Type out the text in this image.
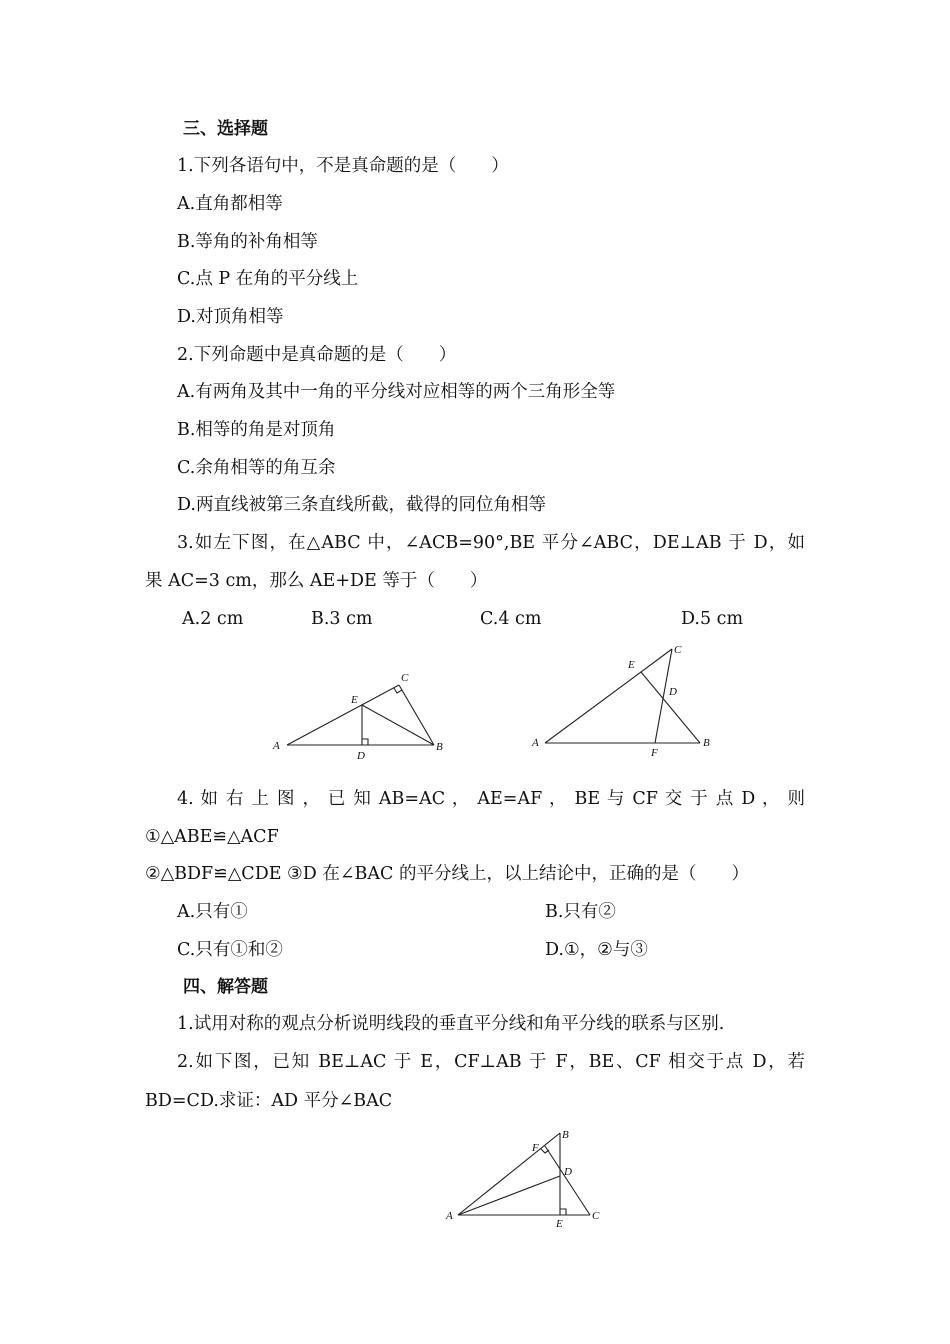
三、选择题
1.下列各语句中，不是真命题的是（　　）
A.直角都相等
B.等角的补角相等
C.点 P 在角的平分线上
D.对顶角相等
2.下列命题中是真命题的是（　　）
A.有两角及其中一角的平分线对应相等的两个三角形全等
B.相等的角是对顶角
C.余角相等的角互余
D.两直线被第三条直线所截，截得的同位角相等
3.如左下图，在△ABC 中，∠ACB=90°,BE 平分∠ABC，DE⊥AB 于 D，如
果 AC=3 cm，那么 AE+DE 等于（　　）
A.2 cm	B.3 cm	C.4 cm	D.5 cm
A	B
C
D
E
A	B
C
D
E
F
4. 如 右 上 图 ， 已 知 AB=AC ， AE=AF ， BE 与 CF 交 于 点 D ， 则
①△ABE≌△ACF
②△BDF≌△CDE ③D 在∠BAC 的平分线上，以上结论中，正确的是（　　）
A.只有①	B.只有②
C.只有①和②	D.①，②与③
四、解答题
1.试用对称的观点分析说明线段的垂直平分线和角平分线的联系与区别.
2.如下图，已知 BE⊥AC 于 E，CF⊥AB 于 F，BE、CF 相交于点 D，若
BD=CD.求证：AD 平分∠BAC
A
B
C
D
E
F
